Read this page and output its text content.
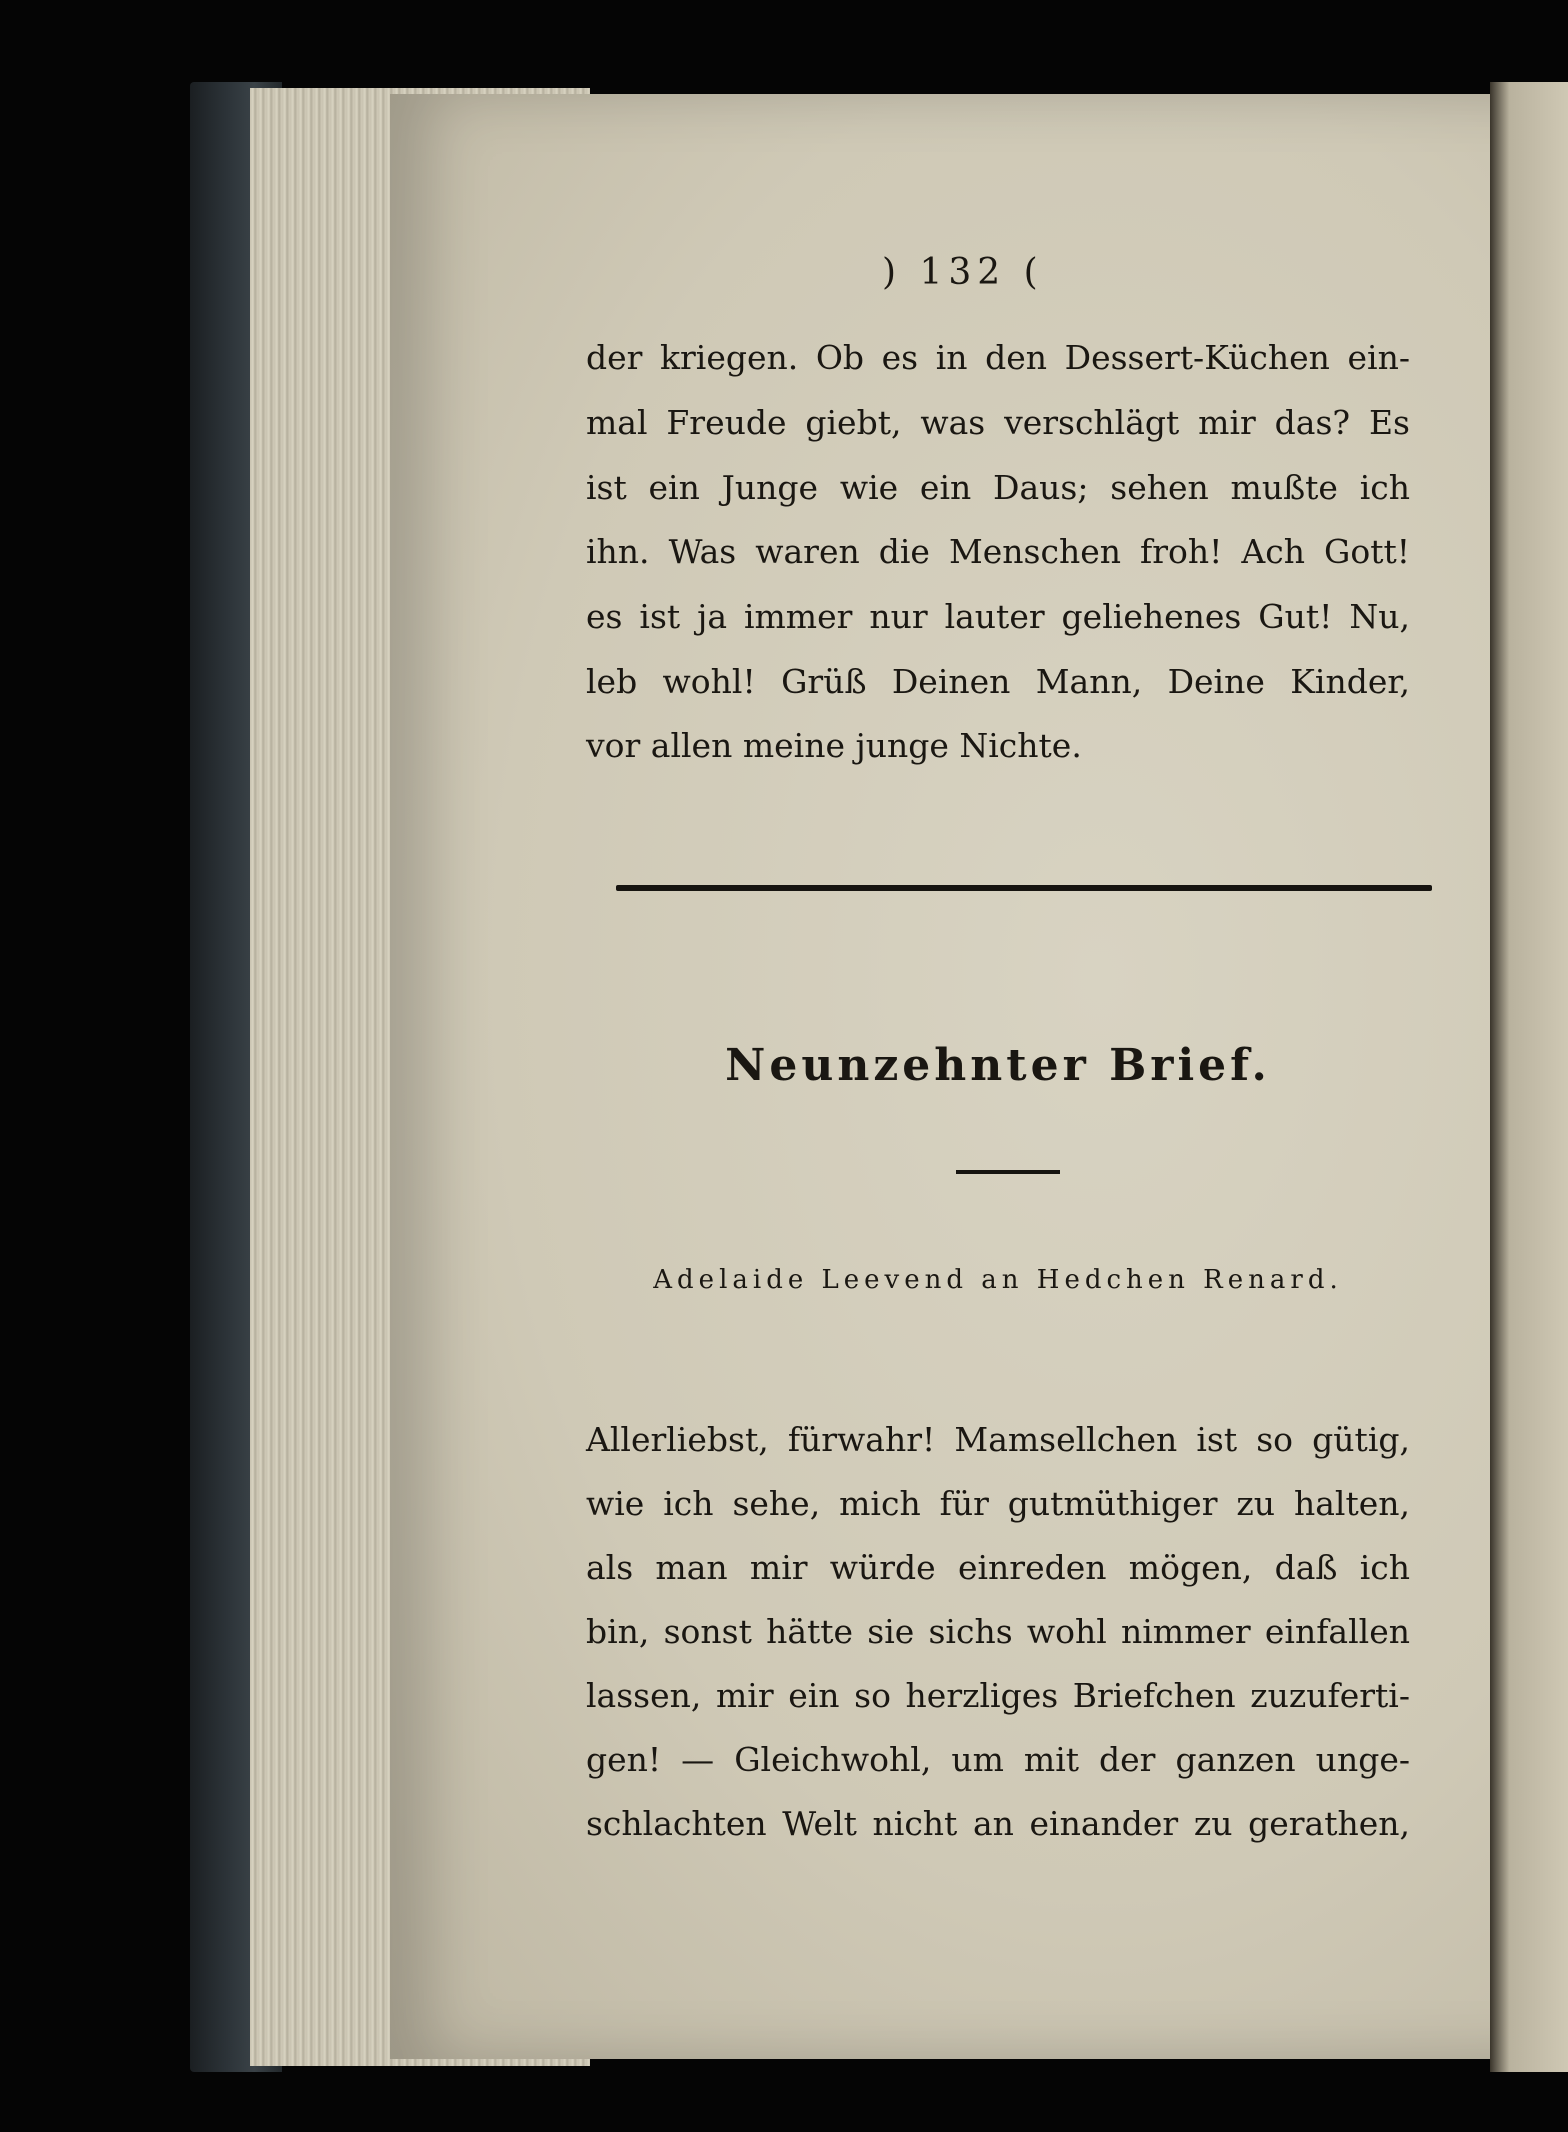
) 132 (
der kriegen. Ob es in den Dessert-Küchen ein-
mal Freude giebt, was verschlägt mir das? Es
ist ein Junge wie ein Daus; sehen mußte ich
ihn. Was waren die Menschen froh! Ach Gott!
es ist ja immer nur lauter geliehenes Gut! Nu,
leb wohl! Grüß Deinen Mann, Deine Kinder,
vor allen meine junge Nichte.
Neunzehnter Brief.
Adelaide Leevend an Hedchen Renard.
Allerliebst, fürwahr! Mamsellchen ist so gütig,
wie ich sehe, mich für gutmüthiger zu halten,
als man mir würde einreden mögen, daß ich
bin, sonst hätte sie sichs wohl nimmer einfallen
lassen, mir ein so herzliges Briefchen zuzuferti-
gen! — Gleichwohl, um mit der ganzen unge-
schlachten Welt nicht an einander zu gerathen,
